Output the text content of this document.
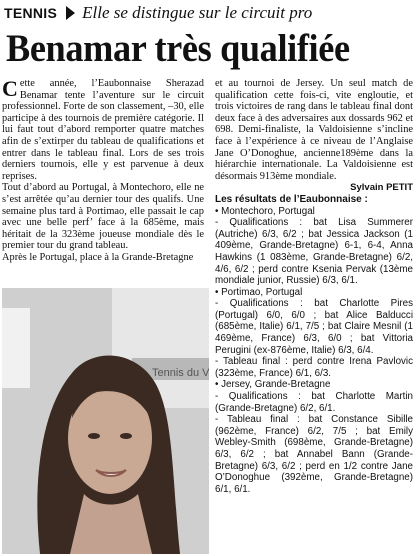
TENNIS Elle se distingue sur le circuit pro
Benamar très qualifiée

Cette année, l’Eaubonnaise Sherazad Benamar tente l’aventure sur le circuit professionnel. Forte de son classement, –30, elle participe à des tournois de première catégorie. Il lui faut tout d’abord remporter quatre matches afin de s’extirper du tableau de qualifications et entrer dans le tableau final. Lors de ses trois derniers tournois, elle y est parvenue à deux reprises.

Tout d’abord au Portugal, à Montechoro, elle ne s’est arrêtée qu’au dernier tour des qualifs. Une semaine plus tard à Portimao, elle passait le cap avec une belle perf’ face à la 685ème, mais héritait de la 323ème joueuse mondiale dès le premier tour du grand tableau.

Après le Portugal, place à la Grande-Bretagne

Tennis du V

et au tournoi de Jersey. Un seul match de qualification cette fois-ci, vite engloutie, et trois victoires de rang dans le tableau final dont deux face à des adversaires aux dossards 962 et 698. Demi-finaliste, la Valdoisienne s’incline face à l’expérience à ce niveau de l’Anglaise Jane O’Donoghue, ancienne189ème dans la hiérarchie internationale. La Valdoisienne est désormais 913ème mondiale.

Sylvain PETIT

Les résultats de l’Eaubonnaise :

• Montechoro, Portugal

- Qualifications : bat Lisa Summerer (Autriche) 6/3, 6/2 ; bat Jessica Jackson (1 409ème, Grande-Bretagne) 6-1, 6-4, Anna Hawkins (1 083ème, Grande-Bretagne) 6/2, 4/6, 6/2 ; perd contre Ksenia Pervak (13ème mondiale junior, Russie) 6/3, 6/1.

• Portimao, Portugal

- Qualifications : bat Charlotte Pires (Portugal) 6/0, 6/0 ; bat Alice Balducci (685ème, Italie) 6/1, 7/5 ; bat Claire Mesnil (1 469ème, France) 6/3, 6/0 ; bat Vittoria Perugini (ex-876ème, Italie) 6/3, 6/4.

- Tableau final : perd contre Irena Pavlovic (323ème, France) 6/1, 6/3.

• Jersey, Grande-Bretagne

- Qualifications : bat Charlotte Martin (Grande-Bretagne) 6/2, 6/1.

- Tableau final : bat Constance Sibille (962ème, France) 6/2, 7/5 ; bat Emily Webley-Smith (698ème, Grande-Bretagne) 6/3, 6/2 ; bat Annabel Bann (Grande-Bretagne) 6/3, 6/2 ; perd en 1/2 contre Jane O’Donoghue (392ème, Grande-Bretagne) 6/1, 6/1.
